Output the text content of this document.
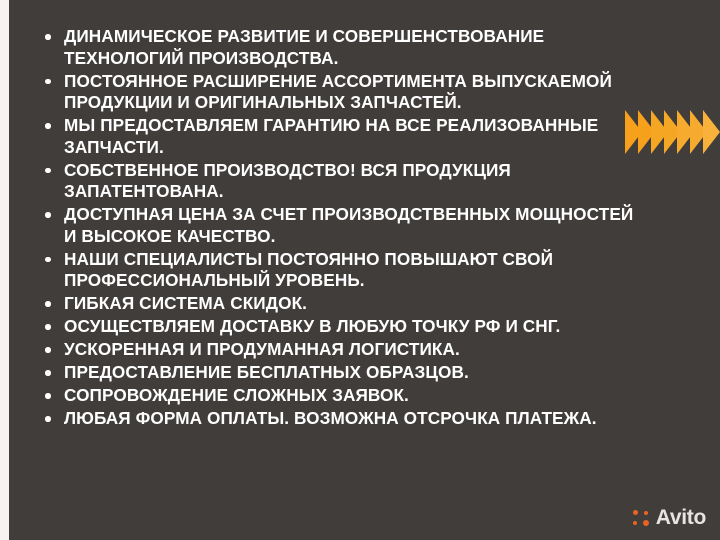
ДИНАМИЧЕСКОЕ РАЗВИТИЕ И СОВЕРШЕНСТВОВАНИЕ ТЕХНОЛОГИЙ ПРОИЗВОДСТВА.
ПОСТОЯННОЕ РАСШИРЕНИЕ АССОРТИМЕНТА ВЫПУСКАЕМОЙ ПРОДУКЦИИ И ОРИГИНАЛЬНЫХ ЗАПЧАСТЕЙ.
МЫ ПРЕДОСТАВЛЯЕМ ГАРАНТИЮ НА ВСЕ РЕАЛИЗОВАННЫЕ ЗАПЧАСТИ.
СОБСТВЕННОЕ ПРОИЗВОДСТВО! ВСЯ ПРОДУКЦИЯ ЗАПАТЕНТОВАНА.
ДОСТУПНАЯ ЦЕНА ЗА СЧЕТ ПРОИЗВОДСТВЕННЫХ МОЩНОСТЕЙ И ВЫСОКОЕ КАЧЕСТВО.
НАШИ СПЕЦИАЛИСТЫ ПОСТОЯННО ПОВЫШАЮТ СВОЙ ПРОФЕССИОНАЛЬНЫЙ УРОВЕНЬ.
ГИБКАЯ СИСТЕМА СКИДОК.
ОСУЩЕСТВЛЯЕМ ДОСТАВКУ В ЛЮБУЮ ТОЧКУ РФ И СНГ.
УСКОРЕННАЯ И ПРОДУМАННАЯ ЛОГИСТИКА.
ПРЕДОСТАВЛЕНИЕ БЕСПЛАТНЫХ ОБРАЗЦОВ.
СОПРОВОЖДЕНИЕ СЛОЖНЫХ ЗАЯВОК.
ЛЮБАЯ ФОРМА ОПЛАТЫ. ВОЗМОЖНА ОТСРОЧКА ПЛАТЕЖА.
Avito
